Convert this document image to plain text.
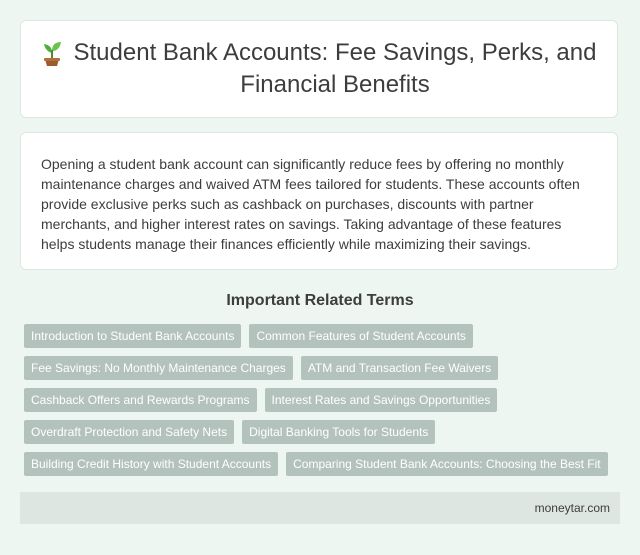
Student Bank Accounts: Fee Savings, Perks, and Financial Benefits

Opening a student bank account can significantly reduce fees by offering no monthly maintenance charges and waived ATM fees tailored for students. These accounts often provide exclusive perks such as cashback on purchases, discounts with partner merchants, and higher interest rates on savings. Taking advantage of these features helps students manage their finances efficiently while maximizing their savings.

Important Related Terms
Introduction to Student Bank Accounts	Common Features of Student Accounts
Fee Savings: No Monthly Maintenance Charges	ATM and Transaction Fee Waivers
Cashback Offers and Rewards Programs	Interest Rates and Savings Opportunities
Overdraft Protection and Safety Nets	Digital Banking Tools for Students
Building Credit History with Student Accounts	Comparing Student Bank Accounts: Choosing the Best Fit
moneytar.com
